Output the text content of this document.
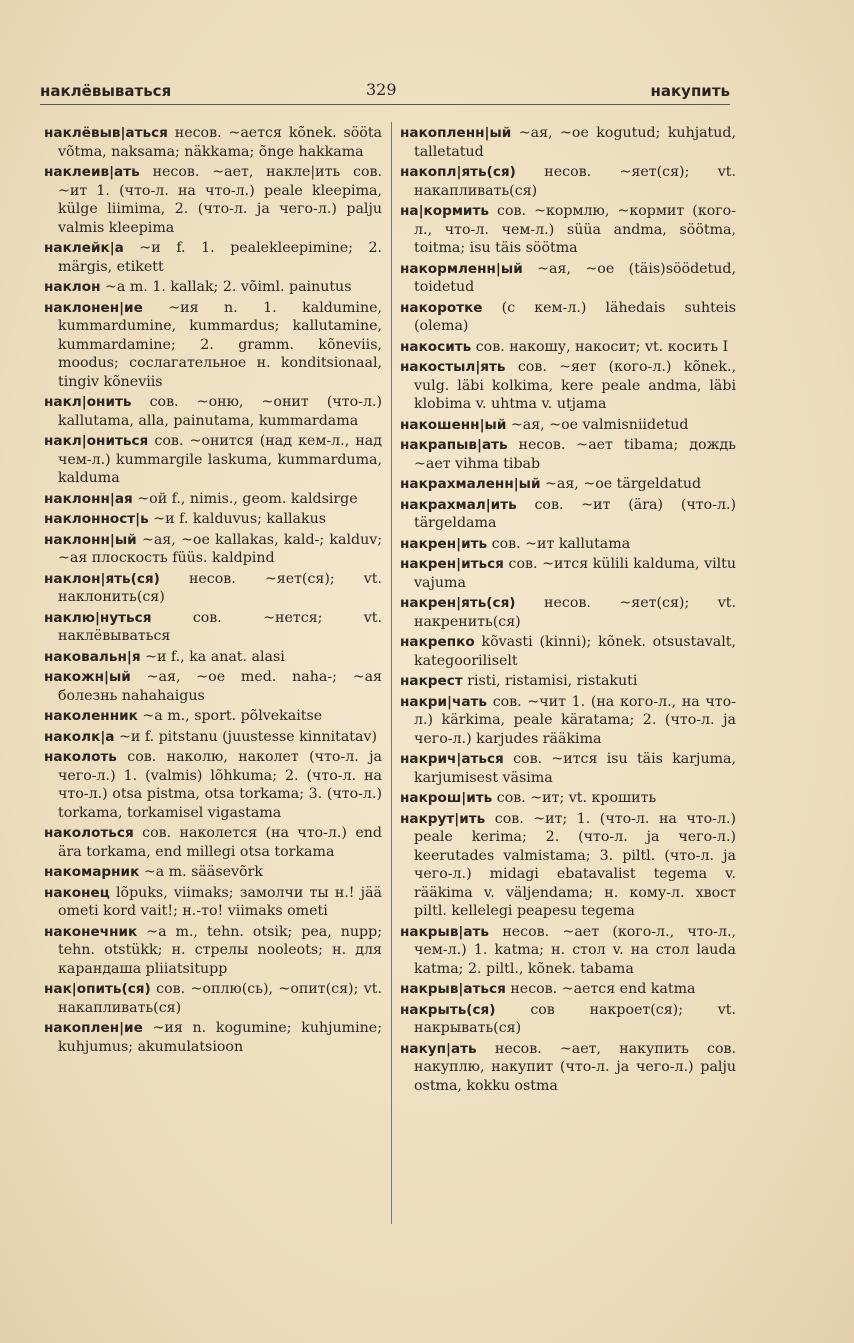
наклёвываться	329	накупить
наклёвыв|аться несов. ~ается kõnek. sööta võtma, naksama; näkkama; õnge hakkama
наклеив|ать несов. ~ает, накле|ить сов. ~ит 1. (что-л. на что-л.) peale kleepima, külge liimima, 2. (что-л. ja чего-л.) palju valmis kleepima
наклейк|а ~и f. 1. pealekleepimine; 2. märgis, etikett
наклон ~а m. 1. kallak; 2. võiml. painutus
наклонен|ие ~ия n. 1. kaldumine, kummardumine, kummardus; kallutamine, kummardamine; 2. gramm. kõneviis, moodus; сослагательное н. konditsionaal, tingiv kõneviis
накл|онить сов. ~оню, ~онит (что-л.) kallutama, alla, painutama, kummardama
накл|ониться сов. ~онится (над кем-л., над чем-л.) kummargile laskuma, kummarduma, kalduma
наклонн|ая ~ой f., nimis., geom. kaldsirge
наклонност|ь ~и f. kalduvus; kallakus
наклонн|ый ~ая, ~ое kallakas, kald-; kalduv; ~ая плоскость füüs. kaldpind
наклон|ять(ся) несов. ~яет(ся); vt. наклонить(ся)
наклю|нуться	сов. ~нется; vt. наклёвываться
наковальн|я ~и f., ka anat. alasi
накожн|ый ~ая, ~ое med. naha-; ~ая болезнь nahahaigus
наколенник ~а m., sport. põlvekaitse
наколк|а ~и f. pitstanu (juustesse kinnitatav)
наколоть сов. наколю, наколет (что-л. ja чего-л.) 1. (valmis) lõhkuma; 2. (что-л. на что-л.) otsa pistma, otsa torkama; 3. (что-л.) torkama, torkamisel vigastama
наколоться сов. наколется (на что-л.) end ära torkama, end millegi otsa torkama
накомарник ~а m. sääsevõrk
наконец lõpuks, viimaks; замолчи ты н.! jää ometi kord vait!; н.-то! viimaks ometi
наконечник ~а m., tehn. otsik; pea, nupp; tehn. otstükk; н. стрелы noolеots; н. для карандаша pliiatsitupp
нак|опить(ся) сов. ~оплю(сь), ~опит(ся); vt. накапливать(ся)
накоплен|ие ~ия n. kogumine; kuhjumine; kuhjumus; akumulatsioon
накопленн|ый ~ая, ~ое kogutud; kuhjatud, talletatud
накопл|ять(ся) несов. ~яет(ся); vt. накапливать(ся)
на|кормить сов. ~кормлю, ~кормит (кого-л., что-л. чем-л.) süüa andma, söötma, toitma; isu täis söötma
накормленн|ый ~ая, ~ое (täis)söödetud, toidetud
накоротке (с кем-л.) lähedais suhteis (olema)
накосить сов. накошу, накосит; vt. косить I
накостыл|ять сов. ~яет (кого-л.) kõnek., vulg. läbi kolkima, kere peale andma, läbi klobima v. uhtma v. utjama
накошенн|ый ~ая, ~ое valmisniidetud
накрапыв|ать несов. ~ает tibama; дождь ~ает vihma tibab
накрахмаленн|ый ~ая, ~ое tärgeldatud
накрахмал|ить сов. ~ит (ära) (что-л.) tärgeldama
накрен|ить сов. ~ит kallutama
накрен|иться сов. ~ится külili kalduma, viltu vajuma
накрен|ять(ся) несов. ~яет(ся); vt. накренить(ся)
накрепко kõvasti (kinni); kõnek. otsustavalt, kategooriliselt
накрест risti, ristamisi, ristakuti
накри|чать сов. ~чит 1. (на кого-л., на что-л.) kärkima, peale käratama; 2. (что-л. ja чего-л.) karjudes rääkima
накрич|аться сов. ~ится isu täis karjuma, karjumisest väsima
накрош|ить сов. ~ит; vt. крошить
накрут|ить сов. ~ит; 1. (что-л. на что-л.) peale kerima; 2. (что-л. ja чего-л.) keerutades valmistama; 3. piltl. (что-л. ja чего-л.) midagi ebatavalist tegema v. rääkima v. väljendama; н. кому-л. хвост piltl. kellelegi peapesu tegema
накрыв|ать несов. ~ает (кого-л., что-л., чем-л.) 1. katma; н. стол v. на стол lauda katma; 2. piltl., kõnek. tabama
накрыв|аться несов. ~ается end katma
накрыть(ся) сов накроет(ся); vt. накрывать(ся)
накуп|ать несов. ~ает, накупить сов. накуплю, накупит (что-л. ja чего-л.) palju ostma, kokku ostma
